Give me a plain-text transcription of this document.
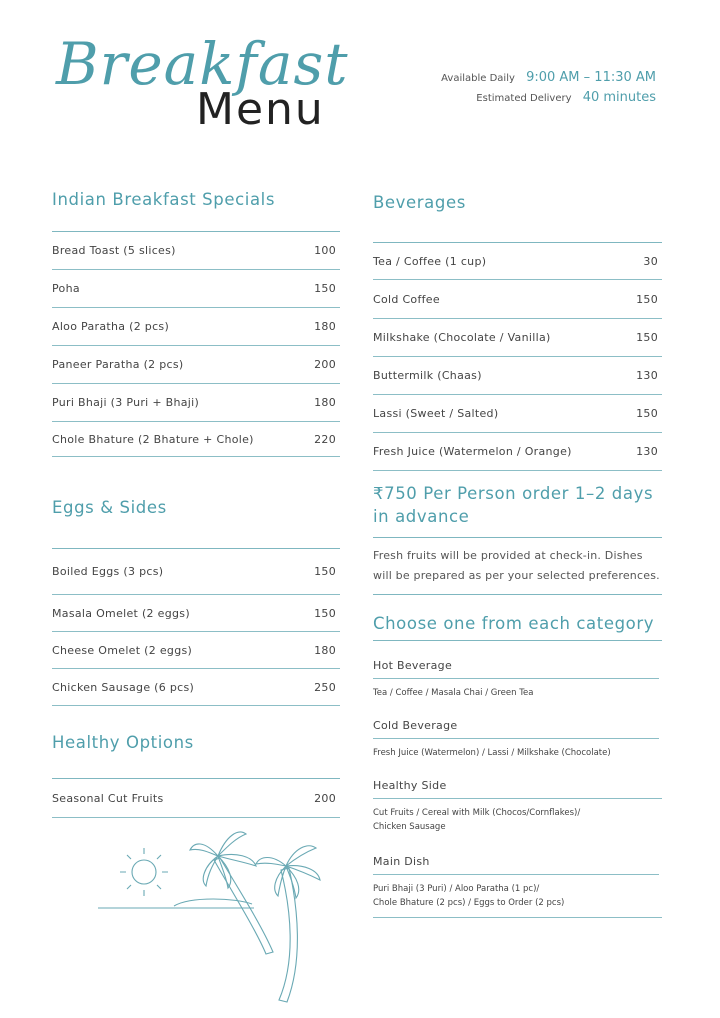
Breakfast
Menu
Available Daily 9:00 AM – 11:30 AM
Estimated Delivery 40 minutes
Indian Breakfast Specials
Bread Toast (5 slices)	100
Poha	150
Aloo Paratha (2 pcs)	180
Paneer Paratha (2 pcs)	200
Puri Bhaji (3 Puri + Bhaji)	180
Chole Bhature (2 Bhature + Chole)	220
Eggs & Sides
Boiled Eggs (3 pcs)	150
Masala Omelet (2 eggs)	150
Cheese Omelet (2 eggs)	180
Chicken Sausage (6 pcs)	250
Healthy Options
Seasonal Cut Fruits	200
Beverages
Tea / Coffee (1 cup)	30
Cold Coffee	150
Milkshake (Chocolate / Vanilla)	150
Buttermilk (Chaas)	130
Lassi (Sweet / Salted)	150
Fresh Juice (Watermelon / Orange)	130
₹750 Per Person order 1–2 days
in advance
Fresh fruits will be provided at check-in. Dishes
will be prepared as per your selected preferences.
Choose one from each category
Hot Beverage
Tea / Coffee / Masala Chai / Green Tea
Cold Beverage
Fresh Juice (Watermelon) / Lassi / Milkshake (Chocolate)
Healthy Side
Cut Fruits / Cereal with Milk (Chocos/Cornflakes)/
Chicken Sausage
Main Dish
Puri Bhaji (3 Puri) / Aloo Paratha (1 pc)/
Chole Bhature (2 pcs) / Eggs to Order (2 pcs)
